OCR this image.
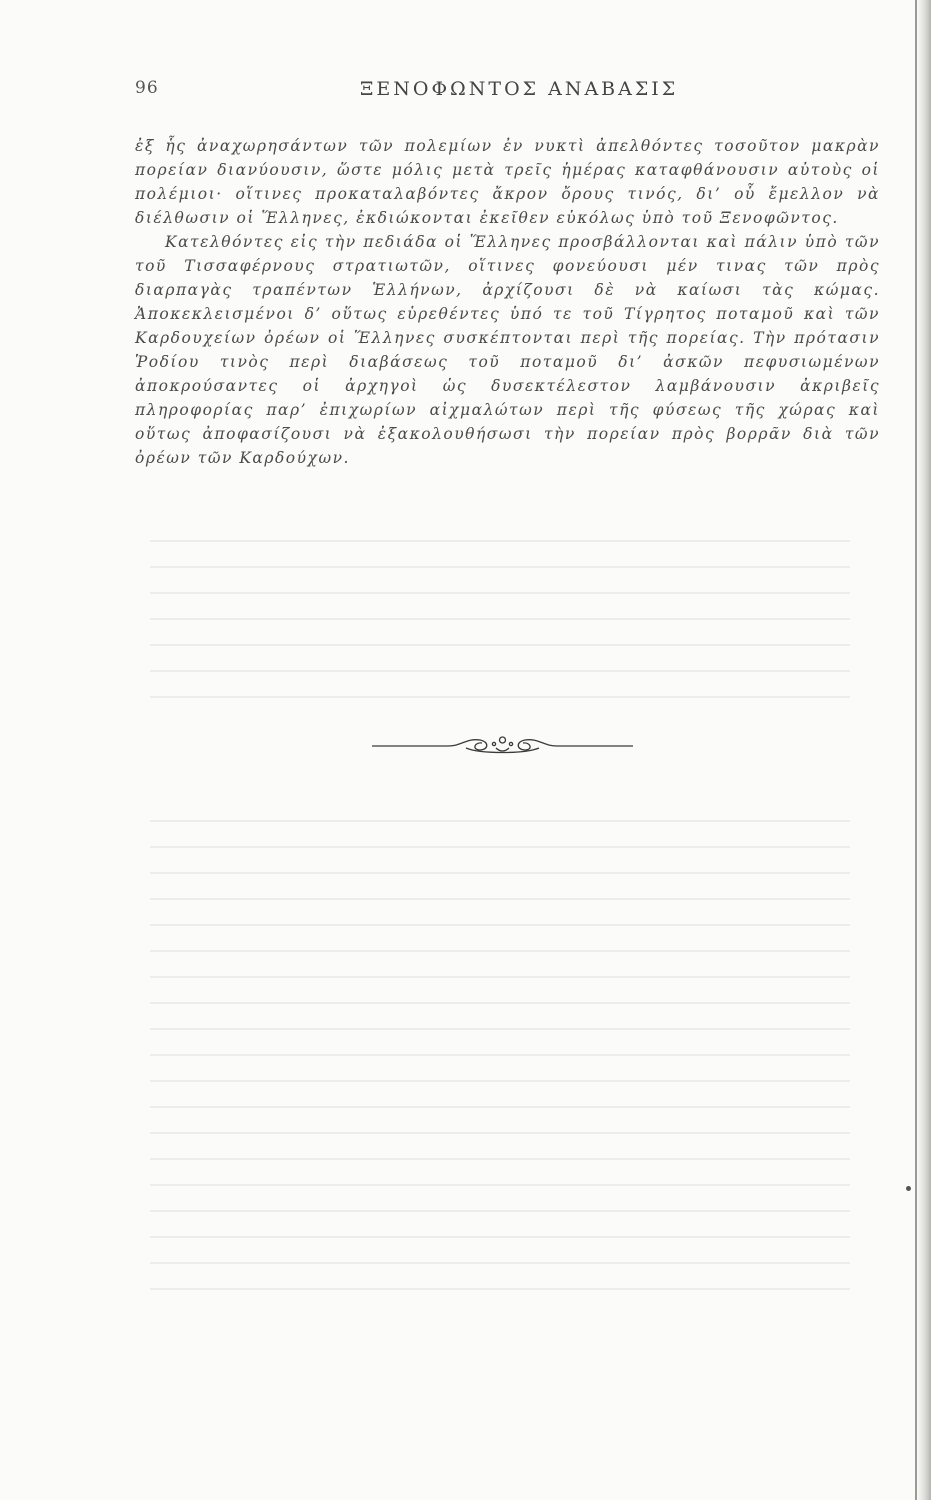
96	ΞΕΝΟΦΩΝΤΟΣ ΑΝΑΒΑΣΙΣ

ἐξ ἧς ἀναχωρησάντων τῶν πολεμίων ἐν νυκτὶ ἀπελθόντες τοσοῦτον μακρὰν πορείαν διανύουσιν, ὥστε μόλις μετὰ τρεῖς ἡμέρας καταφθάνουσιν αὐτοὺς οἱ πολέμιοι· οἵτινες προκαταλαβόντες ἄκρον ὄρους τινός, δι’ οὗ ἔμελλον νὰ διέλθωσιν οἱ Ἕλληνες, ἐκδιώκονται ἐκεῖθεν εὐκόλως ὑπὸ τοῦ Ξενοφῶντος.

Κατελθόντες εἰς τὴν πεδιάδα οἱ Ἕλληνες προσβάλλονται καὶ πάλιν ὑπὸ τῶν τοῦ Τισσαφέρνους στρατιωτῶν, οἵτινες φονεύουσι μέν τινας τῶν πρὸς διαρπαγὰς τραπέντων Ἑλλήνων, ἀρχίζουσι δὲ νὰ καίωσι τὰς κώμας. Ἀποκεκλεισμένοι δ’ οὕτως εὑρεθέντες ὑπό τε τοῦ Τίγρητος ποταμοῦ καὶ τῶν Καρδουχείων ὀρέων οἱ Ἕλληνες συσκέπτονται περὶ τῆς πορείας. Τὴν πρότασιν Ῥοδίου τινὸς περὶ διαβάσεως τοῦ ποταμοῦ δι’ ἀσκῶν πεφυσιωμένων ἀποκρούσαντες οἱ ἀρχηγοὶ ὡς δυσεκτέλεστον λαμβάνουσιν ἀκριβεῖς πληροφορίας παρ’ ἐπιχωρίων αἰχμαλώτων περὶ τῆς φύσεως τῆς χώρας καὶ οὕτως ἀποφασίζουσι νὰ ἐξακολουθήσωσι τὴν πορείαν πρὸς βορρᾶν διὰ τῶν ὀρέων τῶν Καρδούχων.
